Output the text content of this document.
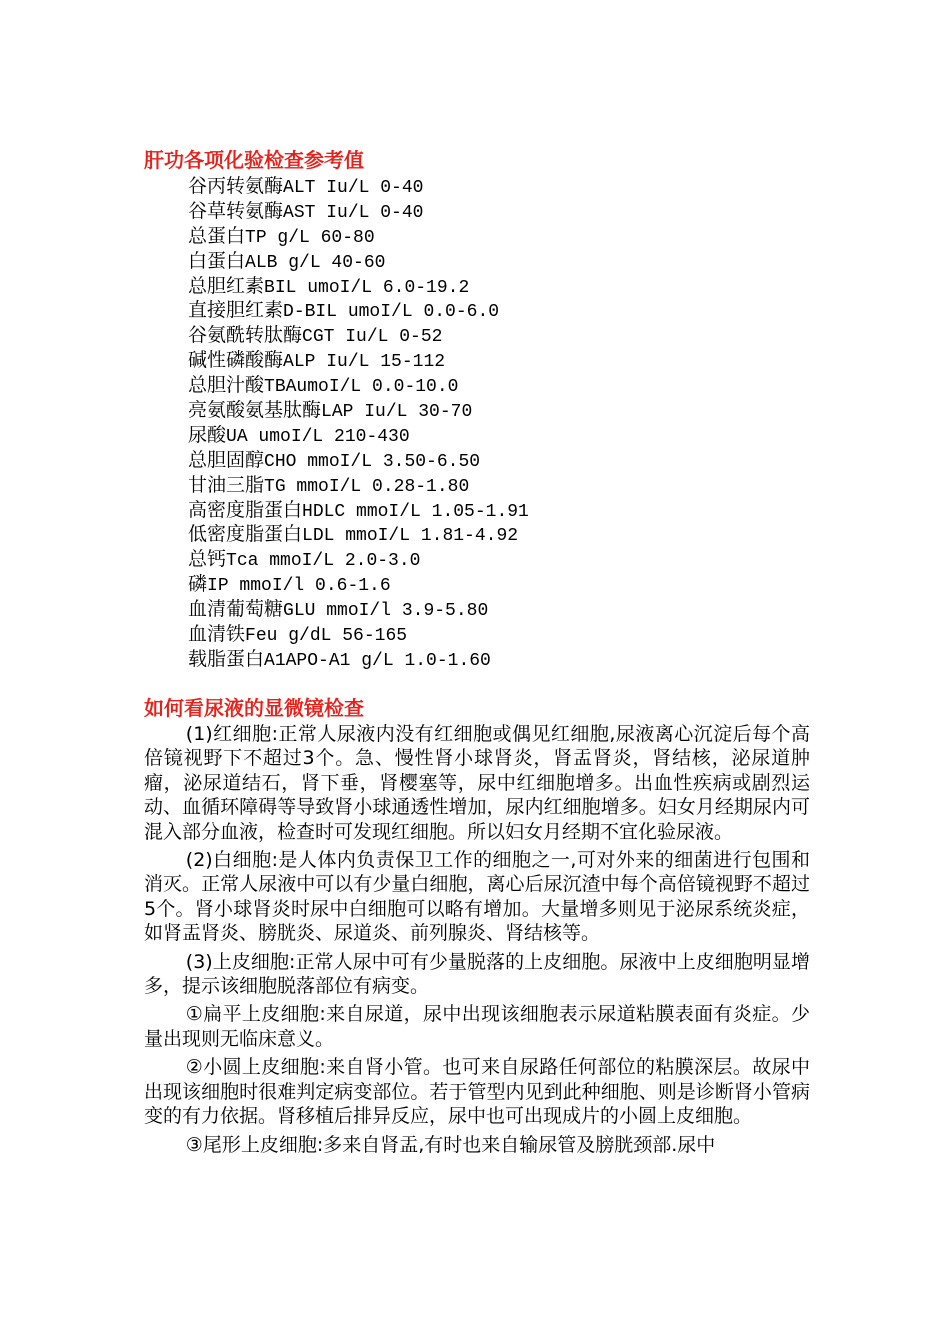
肝功各项化验检查参考值
谷丙转氨酶ALT Iu/L 0-40
谷草转氨酶AST Iu/L 0-40
总蛋白TP g/L 60-80
白蛋白ALB g/L 40-60
总胆红素BIL umoI/L 6.0-19.2
直接胆红素D-BIL umoI/L 0.0-6.0
谷氨酰转肽酶CGT Iu/L 0-52
碱性磷酸酶ALP Iu/L 15-112
总胆汁酸TBAumoI/L 0.0-10.0
亮氨酸氨基肽酶LAP Iu/L 30-70
尿酸UA umoI/L 210-430
总胆固醇CHO mmoI/L 3.50-6.50
甘油三脂TG mmoI/L 0.28-1.80
高密度脂蛋白HDLC mmoI/L 1.05-1.91
低密度脂蛋白LDL mmoI/L 1.81-4.92
总钙Tca mmoI/L 2.0-3.0
磷IP mmoI/l 0.6-1.6
血清葡萄糖GLU mmoI/l 3.9-5.80
血清铁Feu g/dL 56-165
载脂蛋白A1APO-A1 g/L 1.0-1.60
如何看尿液的显微镜检查

(1)红细胞:正常人尿液内没有红细胞或偶见红细胞,尿液离心沉淀后每个高倍镜视野下不超过3个。急、慢性肾小球肾炎，肾盂肾炎，肾结核，泌尿道肿瘤，泌尿道结石，肾下垂，肾樱塞等，尿中红细胞增多。出血性疾病或剧烈运动、血循环障碍等导致肾小球通透性增加，尿内红细胞增多。妇女月经期尿内可混入部分血液，检查时可发现红细胞。所以妇女月经期不宜化验尿液。

(2)白细胞:是人体内负责保卫工作的细胞之一,可对外来的细菌进行包围和消灭。正常人尿液中可以有少量白细胞，离心后尿沉渣中每个高倍镜视野不超过5个。肾小球肾炎时尿中白细胞可以略有增加。大量增多则见于泌尿系统炎症，如肾盂肾炎、膀胱炎、尿道炎、前列腺炎、肾结核等。

(3)上皮细胞:正常人尿中可有少量脱落的上皮细胞。尿液中上皮细胞明显增多，提示该细胞脱落部位有病变。

①扁平上皮细胞:来自尿道，尿中出现该细胞表示尿道粘膜表面有炎症。少量出现则无临床意义。

②小圆上皮细胞:来自肾小管。也可来自尿路任何部位的粘膜深层。故尿中出现该细胞时很难判定病变部位。若于管型内见到此种细胞、则是诊断肾小管病变的有力依据。肾移植后排异反应，尿中也可出现成片的小圆上皮细胞。

③尾形上皮细胞:多来自肾盂,有时也来自输尿管及膀胱颈部.尿中
